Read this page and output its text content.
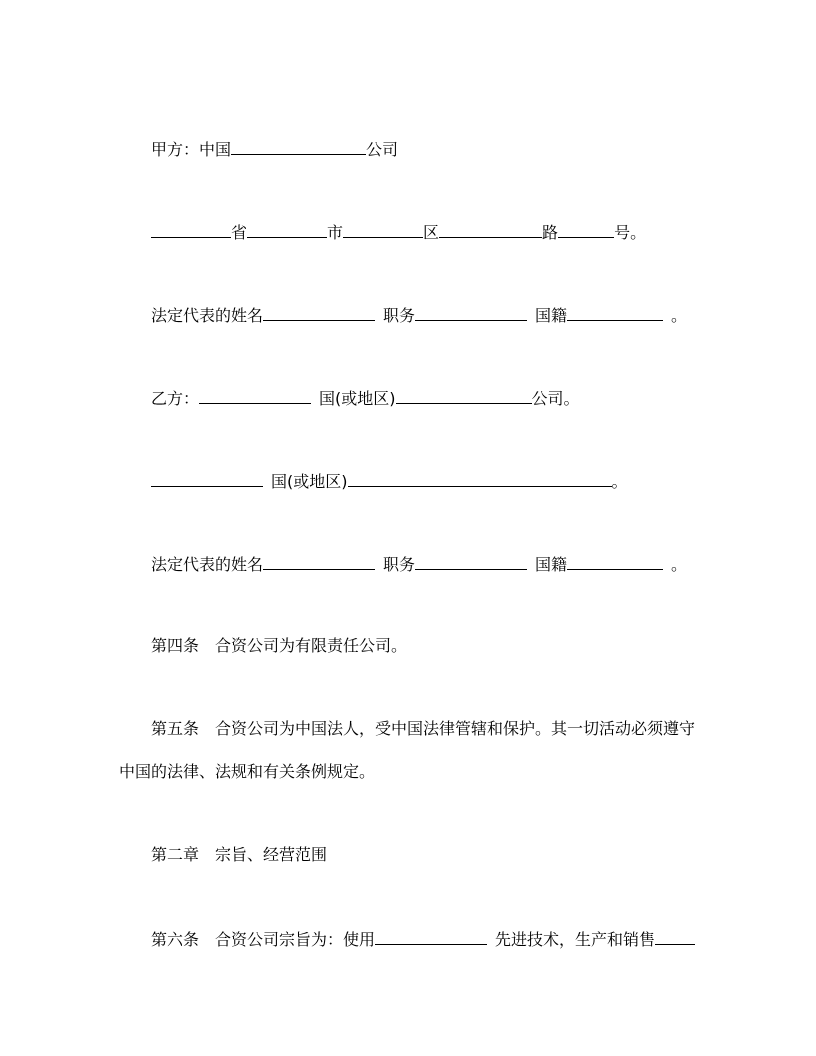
甲方：中国	公司
省	市	区	路	号。
法定代表的姓名	职务	国籍	。
乙方：	国(或地区)	公司。
国(或地区)	。
法定代表的姓名	职务	国籍	。
第四条 合资公司为有限责任公司。
第五条 合资公司为中国法人，受中国法律管辖和保护。其一切活动必须遵守
中国的法律、法规和有关条例规定。
第二章 宗旨、经营范围
第六条 合资公司宗旨为：使用	先进技术，生产和销售
